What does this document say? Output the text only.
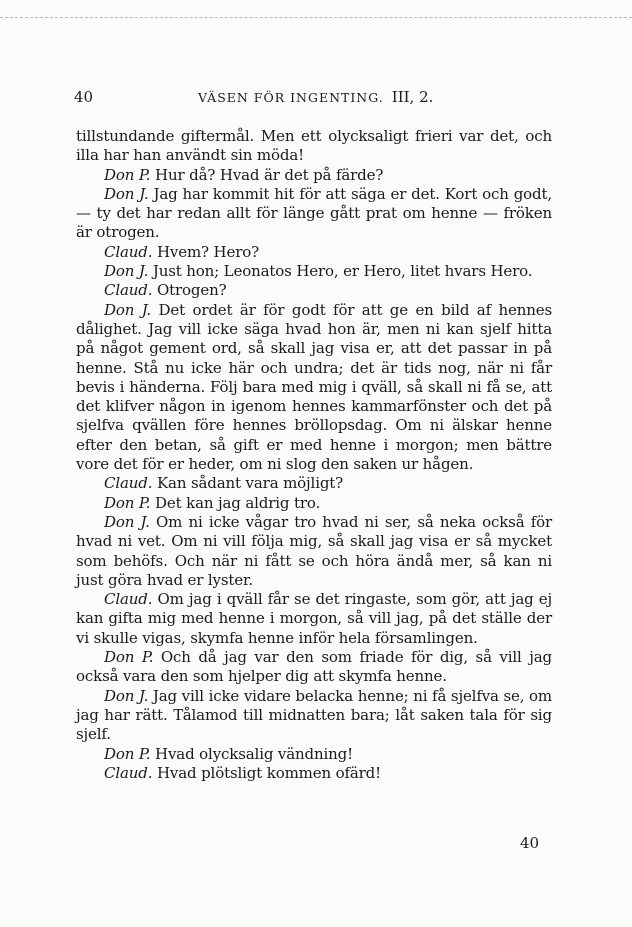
40	VÄSEN FÖR INGENTING. III, 2.

tillstundande giftermål. Men ett olycksaligt frieri var det, och illa har han användt sin möda!

Don P. Hur då? Hvad är det på färde?

Don J. Jag har kommit hit för att säga er det. Kort och godt, — ty det har redan allt för länge gått prat om henne — fröken är otrogen.

Claud. Hvem? Hero?

Don J. Just hon; Leonatos Hero, er Hero, litet hvars Hero.

Claud. Otrogen?

Don J. Det ordet är för godt för att ge en bild af hennes dålighet. Jag vill icke säga hvad hon är, men ni kan sjelf hitta på något gement ord, så skall jag visa er, att det passar in på henne. Stå nu icke här och undra; det är tids nog, när ni får bevis i händerna. Följ bara med mig i qväll, så skall ni få se, att det klifver någon in igenom hennes kammarfönster och det på sjelfva qvällen före hennes bröllopsdag. Om ni älskar henne efter den betan, så gift er med henne i morgon; men bättre vore det för er heder, om ni slog den saken ur hågen.

Claud. Kan sådant vara möjligt?

Don P. Det kan jag aldrig tro.

Don J. Om ni icke vågar tro hvad ni ser, så neka också för hvad ni vet. Om ni vill följa mig, så skall jag visa er så mycket som behöfs. Och när ni fått se och höra ändå mer, så kan ni just göra hvad er lyster.

Claud. Om jag i qväll får se det ringaste, som gör, att jag ej kan gifta mig med henne i morgon, så vill jag, på det ställe der vi skulle vigas, skymfa henne inför hela församlingen.

Don P. Och då jag var den som friade för dig, så vill jag också vara den som hjelper dig att skymfa henne.

Don J. Jag vill icke vidare belacka henne; ni få sjelfva se, om jag har rätt. Tålamod till midnatten bara; låt saken tala för sig sjelf.

Don P. Hvad olycksalig vändning!

Claud. Hvad plötsligt kommen ofärd!

40
